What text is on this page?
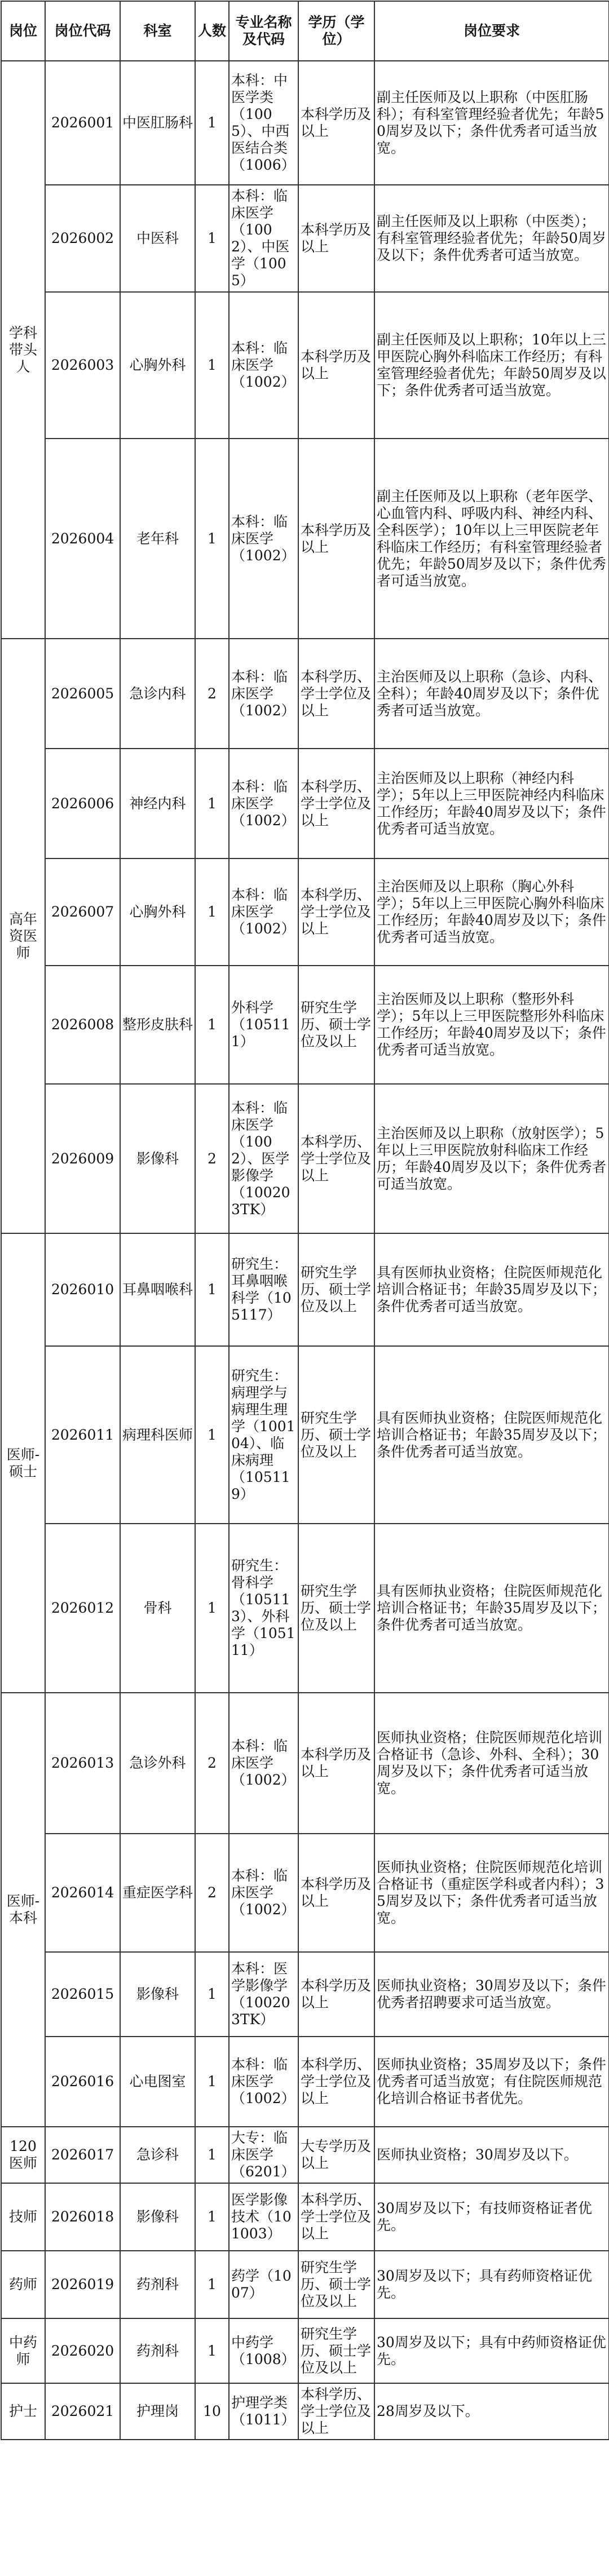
岗位	岗位代码	科室	人数	专业名称及代码	学历（学位）	岗位要求
学科带头人	2026001	中医肛肠科	1	本科：中医学类（1005）、中西医结合类（1006）	本科学历及以上	副主任医师及以上职称（中医肛肠科）；有科室管理经验者优先；年龄50周岁及以下；条件优秀者可适当放宽。
	2026002	中医科	1	本科：临床医学（1002）、中医学（1005）	本科学历及以上	副主任医师及以上职称（中医类）；有科室管理经验者优先；年龄50周岁及以下；条件优秀者可适当放宽。
	2026003	心胸外科	1	本科：临床医学（1002）	本科学历及以上	副主任医师及以上职称；10年以上三甲医院心胸外科临床工作经历；有科室管理经验者优先；年龄50周岁及以下；条件优秀者可适当放宽。
	2026004	老年科	1	本科：临床医学（1002）	本科学历及以上	副主任医师及以上职称（老年医学、心血管内科、呼吸内科、神经内科、全科医学）；10年以上三甲医院老年科临床工作经历；有科室管理经验者优先；年龄50周岁及以下；条件优秀者可适当放宽。
高年资医师	2026005	急诊内科	2	本科：临床医学（1002）	本科学历、学士学位及以上	主治医师及以上职称（急诊、内科、全科）；年龄40周岁及以下；条件优秀者可适当放宽。
	2026006	神经内科	1	本科：临床医学（1002）	本科学历、学士学位及以上	主治医师及以上职称（神经内科学）；5年以上三甲医院神经内科临床工作经历；年龄40周岁及以下；条件优秀者可适当放宽。
	2026007	心胸外科	1	本科：临床医学（1002）	本科学历、学士学位及以上	主治医师及以上职称（胸心外科学）；5年以上三甲医院心胸外科临床工作经历；年龄40周岁及以下；条件优秀者可适当放宽。
	2026008	整形皮肤科	1	外科学（105111）	研究生学历、硕士学位及以上	主治医师及以上职称（整形外科学）；5年以上三甲医院整形外科临床工作经历；年龄40周岁及以下；条件优秀者可适当放宽。
	2026009	影像科	2	本科：临床医学（1002）、医学影像学（100203TK）	本科学历、学士学位及以上	主治医师及以上职称（放射医学）；5年以上三甲医院放射科临床工作经历；年龄40周岁及以下；条件优秀者可适当放宽。
医师-硕士	2026010	耳鼻咽喉科	1	研究生：耳鼻咽喉科学（105117）	研究生学历、硕士学位及以上	具有医师执业资格；住院医师规范化培训合格证书；年龄35周岁及以下；条件优秀者可适当放宽。
	2026011	病理科医师	1	研究生：病理学与病理生理学（100104）、临床病理（105119）	研究生学历、硕士学位及以上	具有医师执业资格；住院医师规范化培训合格证书；年龄35周岁及以下；条件优秀者可适当放宽。
	2026012	骨科	1	研究生：骨科学（105113）、外科学（105111）	研究生学历、硕士学位及以上	具有医师执业资格；住院医师规范化培训合格证书；年龄35周岁及以下；条件优秀者可适当放宽。
医师-本科	2026013	急诊外科	2	本科：临床医学（1002）	本科学历及以上	医师执业资格；住院医师规范化培训合格证书（急诊、外科、全科）；30周岁及以下；条件优秀者可适当放宽。
	2026014	重症医学科	2	本科：临床医学（1002）	本科学历及以上	医师执业资格；住院医师规范化培训合格证书（重症医学科或者内科）；35周岁及以下；条件优秀者可适当放宽。
	2026015	影像科	1	本科：医学影像学（100203TK）	本科学历及以上	医师执业资格；30周岁及以下；条件优秀者招聘要求可适当放宽。
	2026016	心电图室	1	本科：临床医学（1002）	本科学历、学士学位及以上	医师执业资格；35周岁及以下；条件优秀者可适当放宽；有住院医师规范化培训合格证书者优先。
120医师	2026017	急诊科	1	大专：临床医学（6201）	大专学历及以上	医师执业资格；30周岁及以下。
技师	2026018	影像科	1	医学影像技术（101003）	本科学历、学士学位及以上	30周岁及以下；有技师资格证者优先。
药师	2026019	药剂科	1	药学（1007）	研究生学历、硕士学位及以上	30周岁及以下；具有药师资格证优先。
中药师	2026020	药剂科	1	中药学（1008）	研究生学历、硕士学位及以上	30周岁及以下；具有中药师资格证优先。
护士	2026021	护理岗	10	护理学类（1011）	本科学历、学士学位及以上	28周岁及以下。
